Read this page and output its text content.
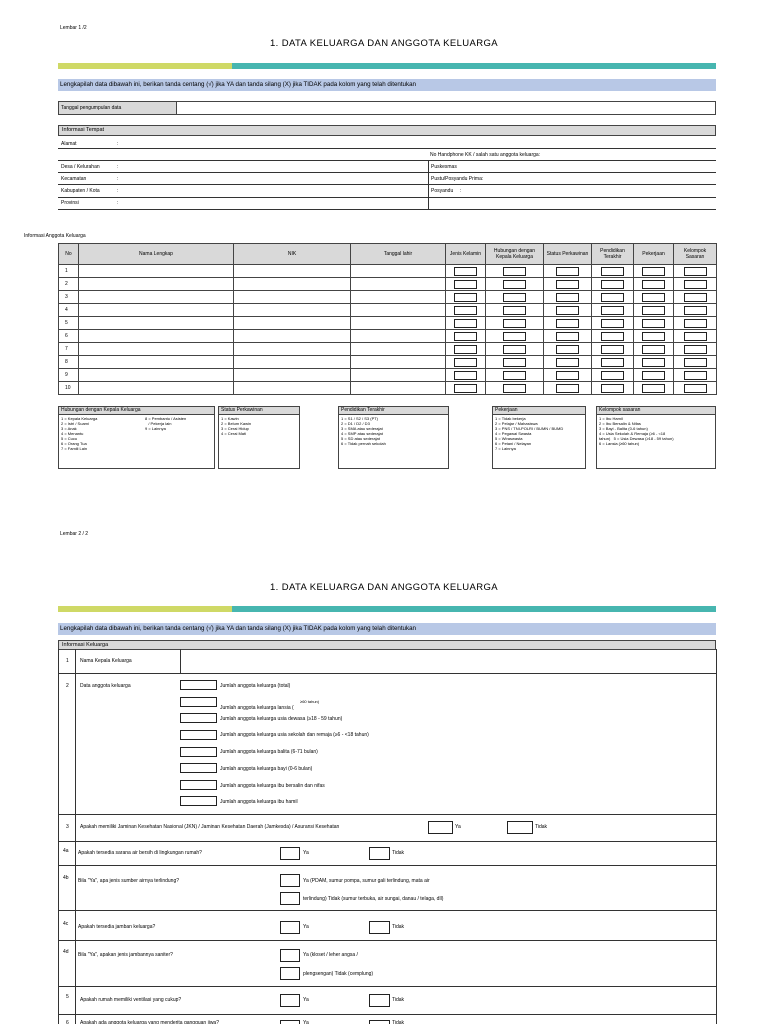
Lembar 1 /2
1. DATA KELUARGA DAN ANGGOTA KELUARGA
Lengkapilah data dibawah ini, berikan tanda centang (√) jika YA dan tanda silang (X) jika TIDAK pada kolom yang telah ditentukan
Tanggal pengumpulan data
Informasi Tempat
Alamat	:
No Handphone KK / salah satu anggota keluarga:
Desa / Kelurahan	:	Puskesmas
Kecamatan	:	Pustu/Posyandu Prima:
Kabupaten / Kota	:	Posyandu :
Provinsi	:
Informasi Anggota Keluarga
No	Nama Lengkap	NIK	Tanggal lahir	Jenis Kelamin	Hubungan dengan Kepala Keluarga	Status Perkawinan	Pendidikan Terakhir	Pekerjaan	Kelompok Sasaran
1									
2									
3									
4									
5									
6									
7									
8									
9									
10									
Hubungan dengan Kepala Keluarga
1 = Kepala Keluarga
2 = Istri / Suami
3 = Anak
4 = Menantu
5 = Cucu
6 = Orang Tua
7 = Famili Lain
8 = Pembantu / Asisten
/ Pekerja lain
9 = Lainnya
Status Perkawinan
1 = Kawin
2 = Belum Kawin
3 = Cerai Hidup
4 = Cerai Mati
Pendidikan Terakhir
1 = S1 / S2 / S3 (PT)
2 = D1 / D2 / D3
3 = SMA atau sederajat
4 = SMP atau sederajat
5 = SD atau sederajat
6 = Tidak pernah sekolah
Pekerjaan
1 = Tidak bekerja
2 = Pelajar / Mahasiswa
3 = PNS / TNI-POLRI / BUMN / BUMD
4 = Pegawai Swasta
5 = Wiraswasta
6 = Petani / Nelayan
7 = Lainnya
Kelompok sasaran
1 = Ibu Hamil
2 = Ibu Bersalin & Nifas
3 = Bayi - Balita (0-6 tahun)
4 = Usia Sekolah & Remaja (≥6 - <18
tahun)   5 = Usia Dewasa (≥18 - 59 tahun)
6 = Lansia (≥60 tahun)
Lembar 2 / 2
1. DATA KELUARGA DAN ANGGOTA KELUARGA
Lengkapilah data dibawah ini, berikan tanda centang (√) jika YA dan tanda silang (X) jika TIDAK pada kolom yang telah ditentukan
Informasi Keluarga
1 Nama Kepala Keluarga
2 Data anggota keluarga	Jumlah anggota keluarga (total)
≥60 tahun)
Jumlah anggota keluarga lansia (
Jumlah anggota keluarga usia dewasa (≥18 - 59 tahun)
Jumlah anggota keluarga usia sekolah dan remaja (≥6 - <18 tahun)
Jumlah anggota keluarga balita (6-71 bulan)
Jumlah anggota keluarga bayi (0-6 bulan)
Jumlah anggota keluarga ibu bersalin dan nifas
Jumlah anggota keluarga ibu hamil
3 Apakah memiliki Jaminan Kesehatan Nasional (JKN) / Jaminan Kesehatan Daerah (Jamkesda) / Asuransi Kesehatan	Ya	Tidak
4a Apakah tersedia sarana air bersih di lingkungan rumah?	Ya	Tidak
4b Bila "Ya", apa jenis sumber airnya terlindung?	Ya (PDAM, sumur pompa, sumur gali terlindung, mata air
terlindung) Tidak (sumur terbuka, air sungai, danau / telaga, dll)
4c Apakah tersedia jamban keluarga?	Ya	Tidak
4d Bila "Ya", apakan jenis jambannya saniter?	Ya (kloset / leher angsa /
plengsengan) Tidak (cemplung)
5 Apakah rumah memiliki ventilasi yang cukup?	Ya	Tidak
6 Apakah ada anggota keluarga yang menderita gangguan jiwa?	Ya	Tidak
